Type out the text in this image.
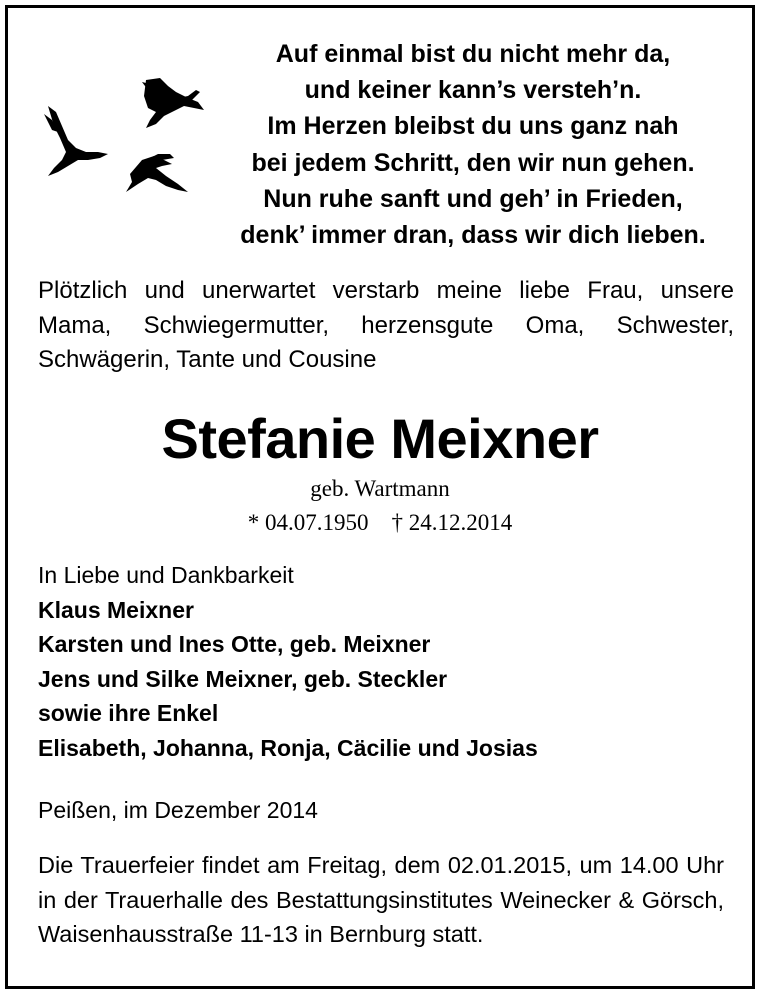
Auf einmal bist du nicht mehr da,
und keiner kann’s versteh’n.
Im Herzen bleibst du uns ganz nah
bei jedem Schritt, den wir nun gehen.
Nun ruhe sanft und geh’ in Frieden,
denk’ immer dran, dass wir dich lieben.
Plötzlich und unerwartet verstarb meine liebe Frau, unsere Mama, Schwiegermutter, herzensgute Oma, Schwester, Schwägerin, Tante und Cousine
Stefanie Meixner
geb. Wartmann
* 04.07.1950    † 24.12.2014
In Liebe und Dankbarkeit
Klaus Meixner
Karsten und Ines Otte, geb. Meixner
Jens und Silke Meixner, geb. Steckler
sowie ihre Enkel
Elisabeth, Johanna, Ronja, Cäcilie und Josias
Peißen, im Dezember 2014
Die Trauerfeier findet am Freitag, dem 02.01.2015, um 14.00 Uhr in der Trauerhalle des Bestattungsinstitutes Weinecker & Görsch, Waisenhausstraße 11-13 in Bernburg statt.
